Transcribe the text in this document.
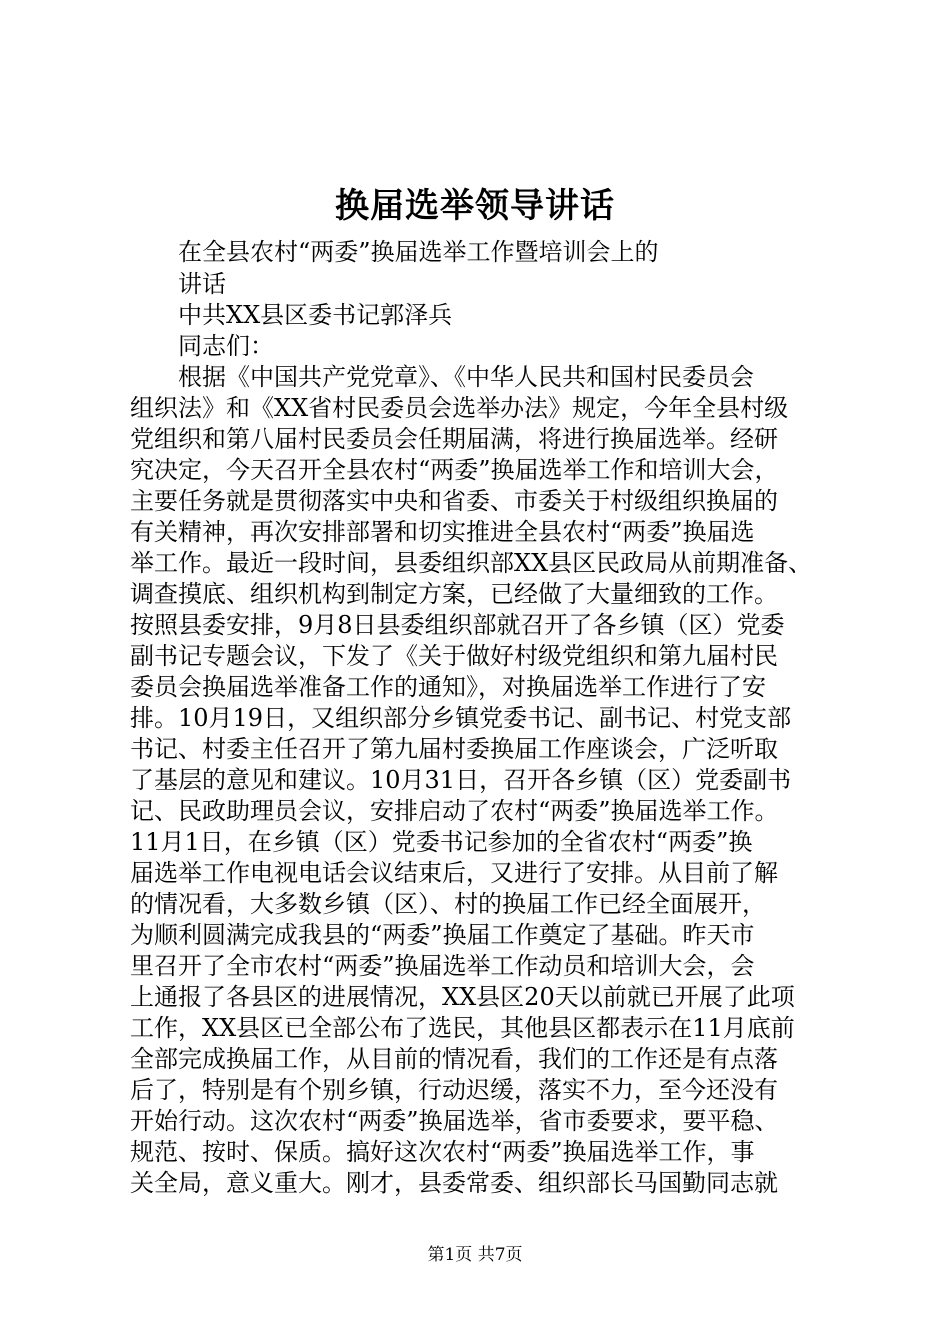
换届选举领导讲话
在全县农村“两委”换届选举工作暨培训会上的
讲话
中共XX县区委书记郭泽兵
同志们：
根据《中国共产党党章》、《中华人民共和国村民委员会
组织法》和《XX省村民委员会选举办法》规定，今年全县村级
党组织和第八届村民委员会任期届满，将进行换届选举。经研
究决定，今天召开全县农村“两委”换届选举工作和培训大会，
主要任务就是贯彻落实中央和省委、市委关于村级组织换届的
有关精神，再次安排部署和切实推进全县农村“两委”换届选
举工作。最近一段时间，县委组织部XX县区民政局从前期准备、
调查摸底、组织机构到制定方案，已经做了大量细致的工作。
按照县委安排，9月8日县委组织部就召开了各乡镇（区）党委
副书记专题会议，下发了《关于做好村级党组织和第九届村民
委员会换届选举准备工作的通知》，对换届选举工作进行了安
排。10月19日，又组织部分乡镇党委书记、副书记、村党支部
书记、村委主任召开了第九届村委换届工作座谈会，广泛听取
了基层的意见和建议。10月31日，召开各乡镇（区）党委副书
记、民政助理员会议，安排启动了农村“两委”换届选举工作。
11月1日，在乡镇（区）党委书记参加的全省农村“两委”换
届选举工作电视电话会议结束后，又进行了安排。从目前了解
的情况看，大多数乡镇（区）、村的换届工作已经全面展开，
为顺利圆满完成我县的“两委”换届工作奠定了基础。昨天市
里召开了全市农村“两委”换届选举工作动员和培训大会，会
上通报了各县区的进展情况，XX县区20天以前就已开展了此项
工作，XX县区已全部公布了选民，其他县区都表示在11月底前
全部完成换届工作，从目前的情况看，我们的工作还是有点落
后了，特别是有个别乡镇，行动迟缓，落实不力，至今还没有
开始行动。这次农村“两委”换届选举，省市委要求，要平稳、
规范、按时、保质。搞好这次农村“两委”换届选举工作，事
关全局，意义重大。刚才，县委常委、组织部长马国勤同志就
第1页 共7页
